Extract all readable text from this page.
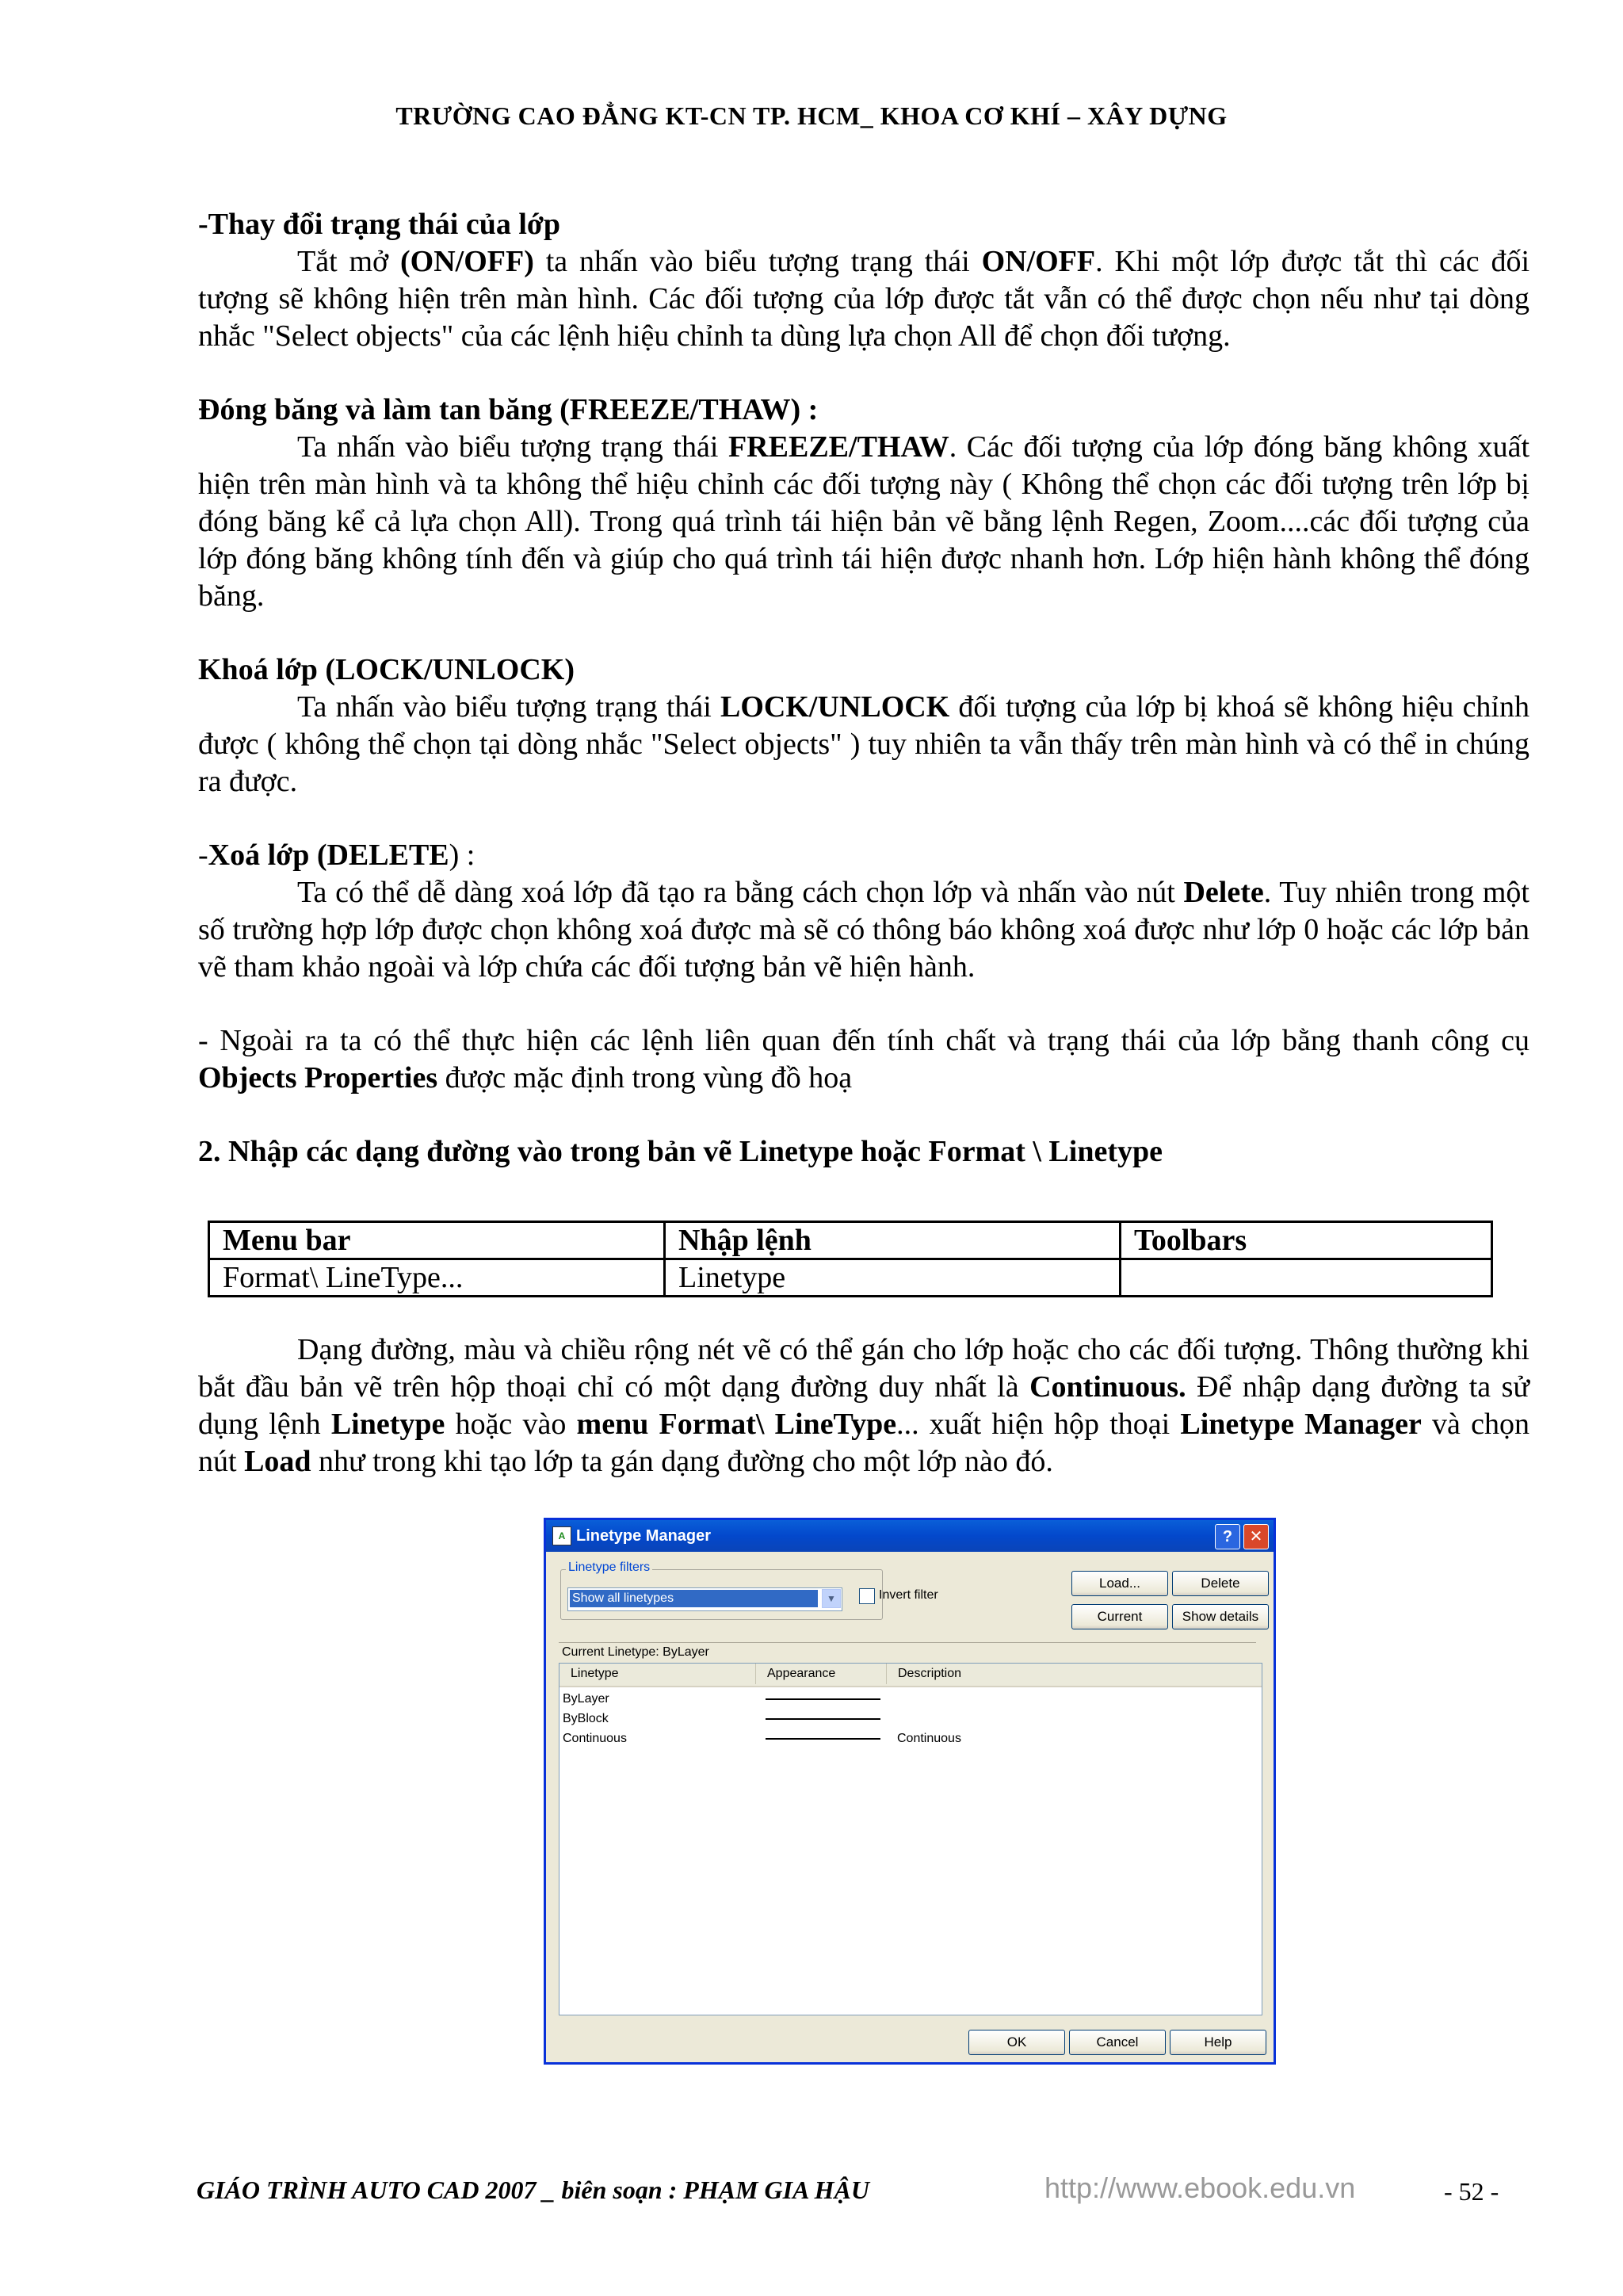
TRƯỜNG CAO ĐẲNG KT-CN TP. HCM_ KHOA CƠ KHÍ – XÂY DỰNG

-Thay đổi trạng thái của lớp

Tắt mở (ON/OFF) ta nhấn vào biểu tượng trạng thái ON/OFF. Khi một lớp được tắt thì các đối tượng sẽ không hiện trên màn hình. Các đối tượng của lớp được tắt vẫn có thể được chọn nếu như tại dòng nhắc "Select objects" của các lệnh hiệu chỉnh ta dùng lựa chọn All để chọn đối tượng.

Đóng băng và làm tan băng (FREEZE/THAW) :

Ta nhấn vào biểu tượng trạng thái FREEZE/THAW. Các đối tượng của lớp đóng băng không xuất hiện trên màn hình và ta không thể hiệu chỉnh các đối tượng này ( Không thể chọn các đối tượng trên lớp bị đóng băng kể cả lựa chọn All). Trong quá trình tái hiện bản vẽ bằng lệnh Regen, Zoom....các đối tượng của lớp đóng băng không tính đến và giúp cho quá trình tái hiện được nhanh hơn. Lớp hiện hành không thể đóng băng.

Khoá lớp (LOCK/UNLOCK)

Ta nhấn vào biểu tượng trạng thái LOCK/UNLOCK đối tượng của lớp bị khoá sẽ không hiệu chỉnh được ( không thể chọn tại dòng nhắc "Select objects" ) tuy nhiên ta vẫn thấy trên màn hình và có thể in chúng ra được.

-Xoá lớp (DELETE) :

Ta có thể dễ dàng xoá lớp đã tạo ra bằng cách chọn lớp và nhấn vào nút Delete. Tuy nhiên trong một số trường hợp lớp được chọn không xoá được mà sẽ có thông báo không xoá được như lớp 0 hoặc các lớp bản vẽ tham khảo ngoài và lớp chứa các đối tượng bản vẽ hiện hành.

- Ngoài ra ta có thể thực hiện các lệnh liên quan đến tính chất và trạng thái của lớp bằng thanh công cụ Objects Properties được mặc định trong vùng đồ hoạ

2. Nhập các dạng đường vào trong bản vẽ Linetype hoặc Format \ Linetype

Menu bar	Nhập lệnh	Toolbars
Format\ LineType...	Linetype	

Dạng đường, màu và chiều rộng nét vẽ có thể gán cho lớp hoặc cho các đối tượng. Thông thường khi bắt đầu bản vẽ trên hộp thoại chỉ có một dạng đường duy nhất là Continuous. Để nhập dạng đường ta sử dụng lệnh Linetype hoặc vào menu Format\ LineType... xuất hiện hộp thoại Linetype Manager và chọn nút Load như trong khi tạo lớp ta gán dạng đường cho một lớp nào đó.

A Linetype Manager	?	✕
Linetype filters
Show all linetypes	▼	Invert filter
Load...	Delete
Current	Show details
Current Linetype: ByLayer
Linetype	Appearance	Description
ByLayer
ByBlock
Continuous	Continuous
OK	Cancel	Help
GIÁO TRÌNH AUTO CAD 2007 _ biên soạn : PHẠM GIA HẬU	http://www.ebook.edu.vn	- 52 -
